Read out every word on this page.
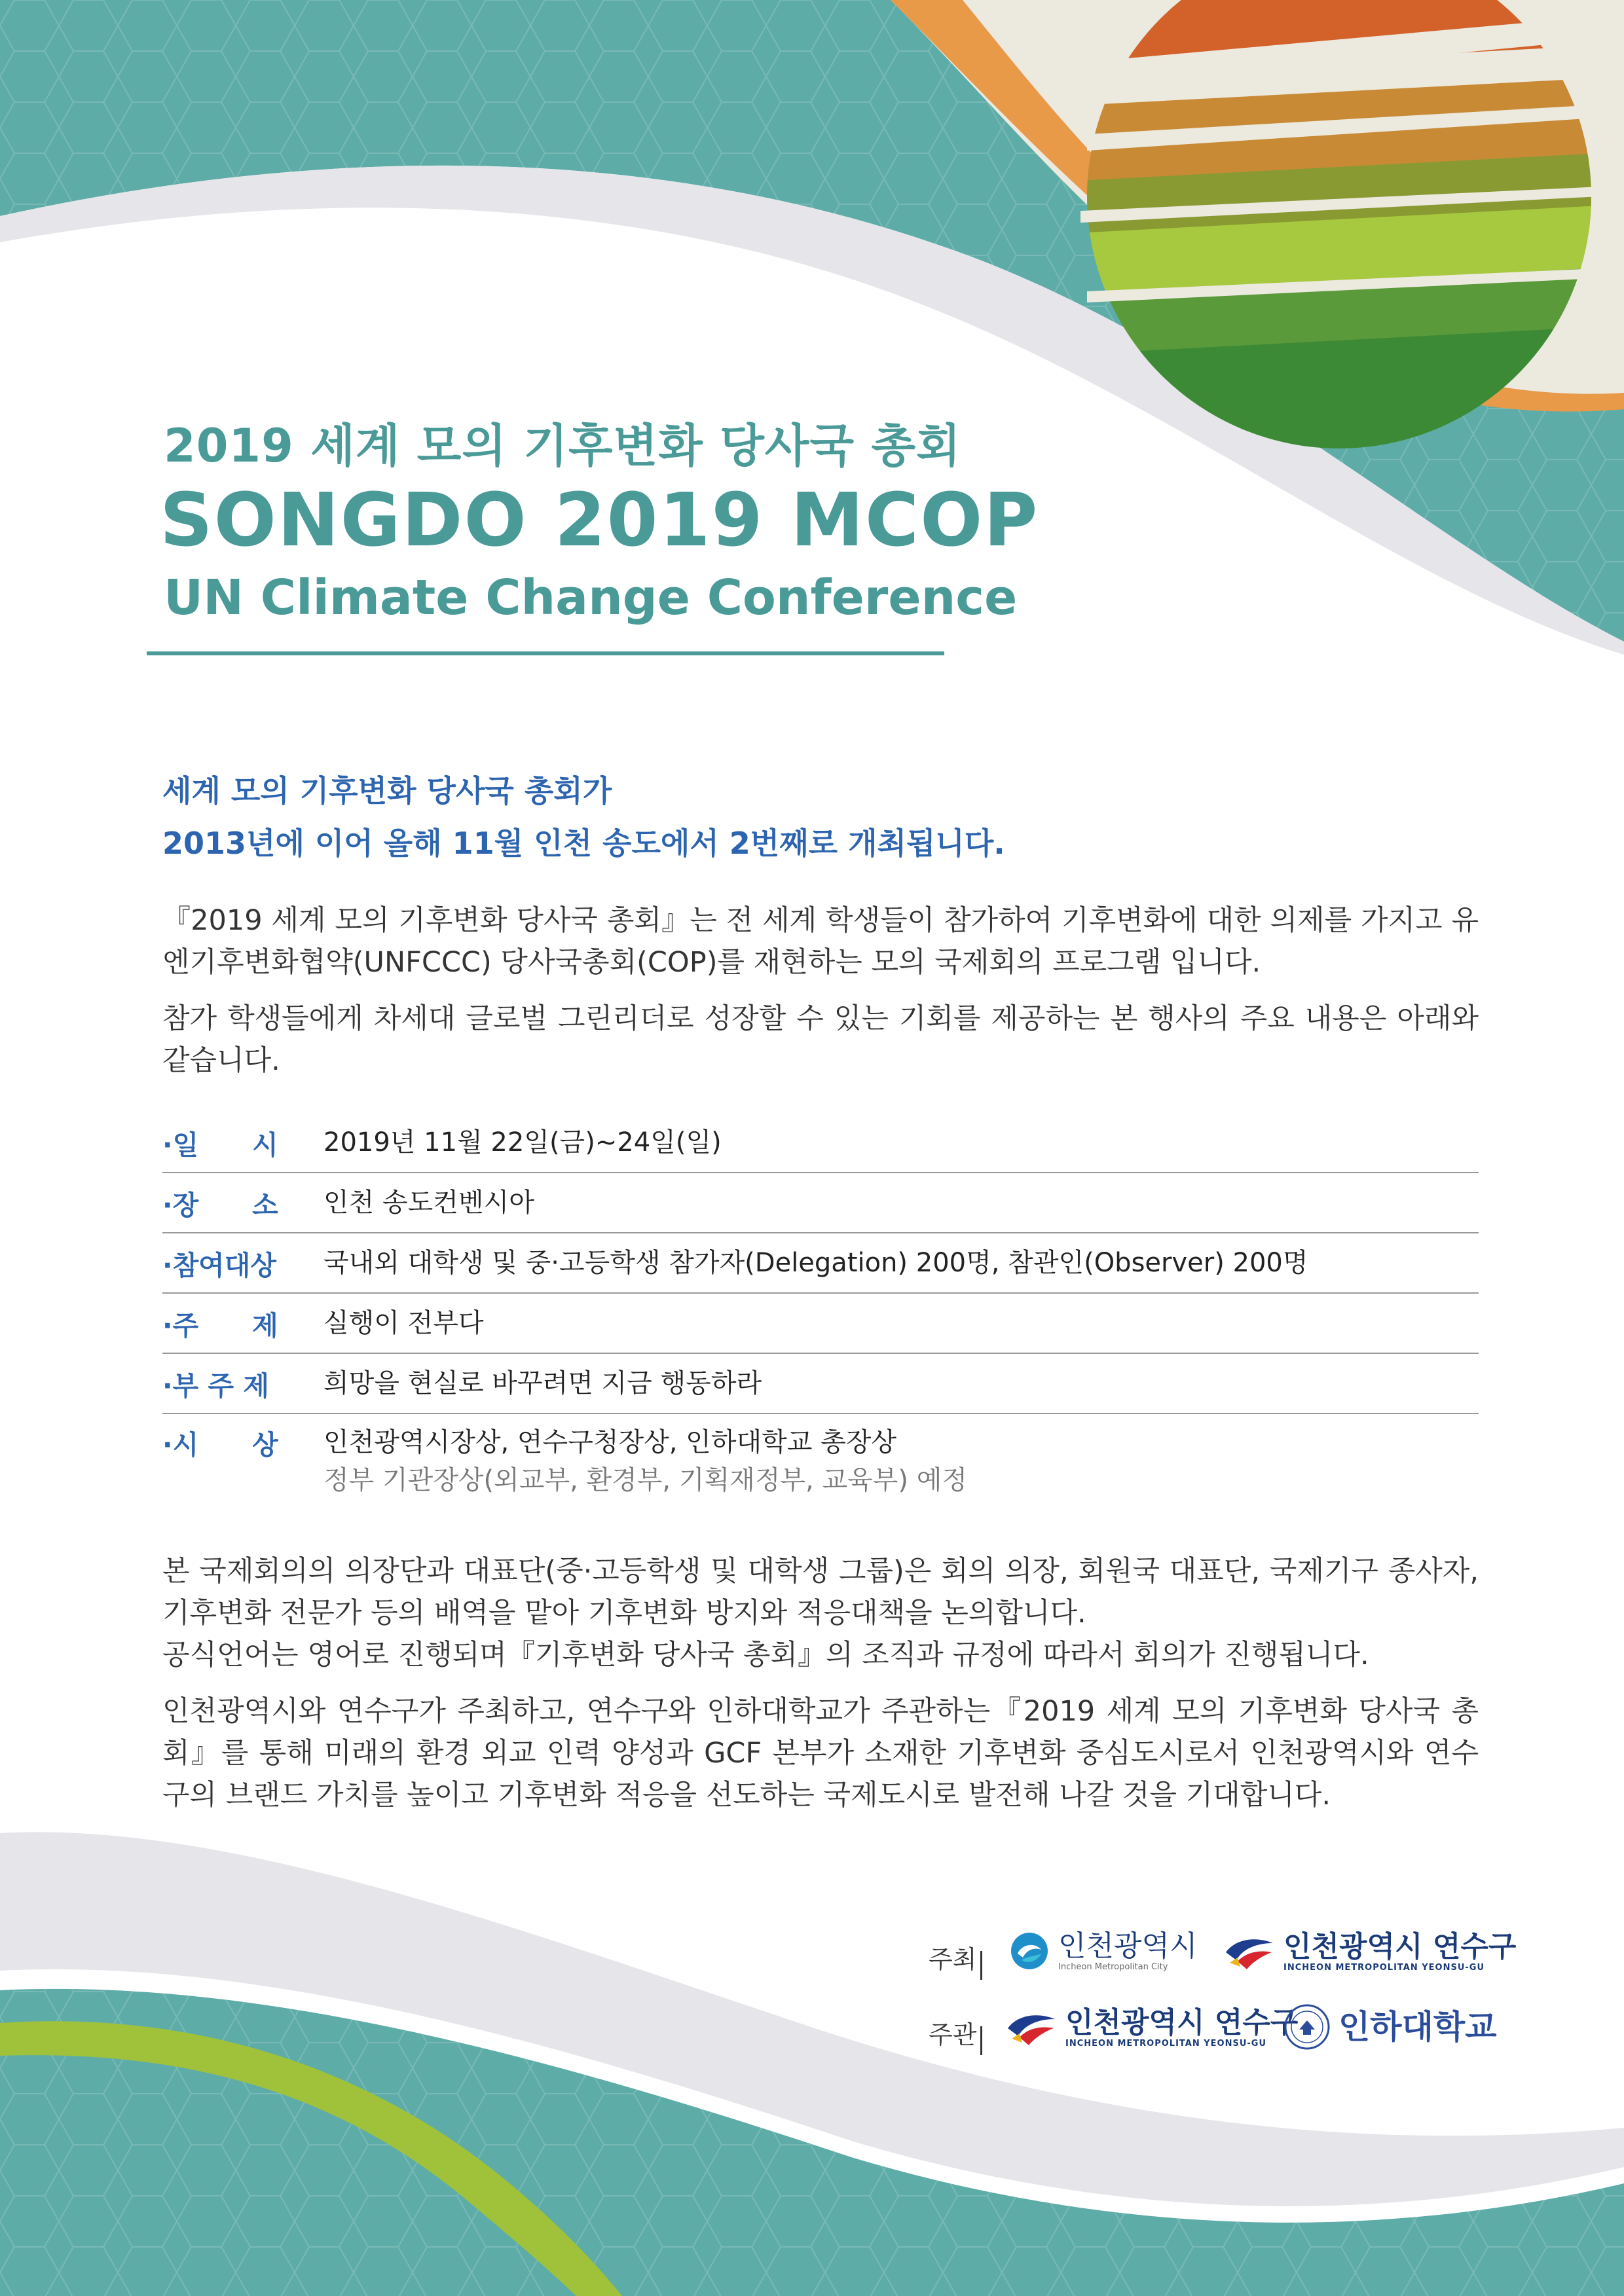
2019 세계 모의 기후변화 당사국 총회
SONGDO 2019 MCOP
UN Climate Change Conference
세계 모의 기후변화 당사국 총회가
2013년에 이어 올해 11월 인천 송도에서 2번째로 개최됩니다.
『2019 세계 모의 기후변화 당사국 총회』는 전 세계 학생들이 참가하여 기후변화에 대한 의제를 가지고 유엔기후변화협약(UNFCCC) 당사국총회(COP)를 재현하는 모의 국제회의 프로그램 입니다.
참가 학생들에게 차세대 글로벌 그린리더로 성장할 수 있는 기회를 제공하는 본 행사의 주요 내용은 아래와 같습니다.
·일　　시	2019년 11월 22일(금)~24일(일)
·장　　소	인천 송도컨벤시아
·참여대상	국내외 대학생 및 중·고등학생 참가자(Delegation) 200명, 참관인(Observer) 200명
·주　　제	실행이 전부다
·부 주 제	희망을 현실로 바꾸려면 지금 행동하라
·시　　상	인천광역시장상, 연수구청장상, 인하대학교 총장상
정부 기관장상(외교부, 환경부, 기획재정부, 교육부) 예정
본 국제회의의 의장단과 대표단(중·고등학생 및 대학생 그룹)은 회의 의장, 회원국 대표단, 국제기구 종사자, 기후변화 전문가 등의 배역을 맡아 기후변화 방지와 적응대책을 논의합니다.
공식언어는 영어로 진행되며『기후변화 당사국 총회』의 조직과 규정에 따라서 회의가 진행됩니다.
인천광역시와 연수구가 주최하고, 연수구와 인하대학교가 주관하는『2019 세계 모의 기후변화 당사국 총회』를 통해 미래의 환경 외교 인력 양성과 GCF 본부가 소재한 기후변화 중심도시로서 인천광역시와 연수구의 브랜드 가치를 높이고 기후변화 적응을 선도하는 국제도시로 발전해 나갈 것을 기대합니다.
주최	인천광역시
Incheon Metropolitan City
인천광역시 연수구
INCHEON METROPOLITAN YEONSU-GU
주관	인천광역시 연수구
INCHEON METROPOLITAN YEONSU-GU	인하대학교
